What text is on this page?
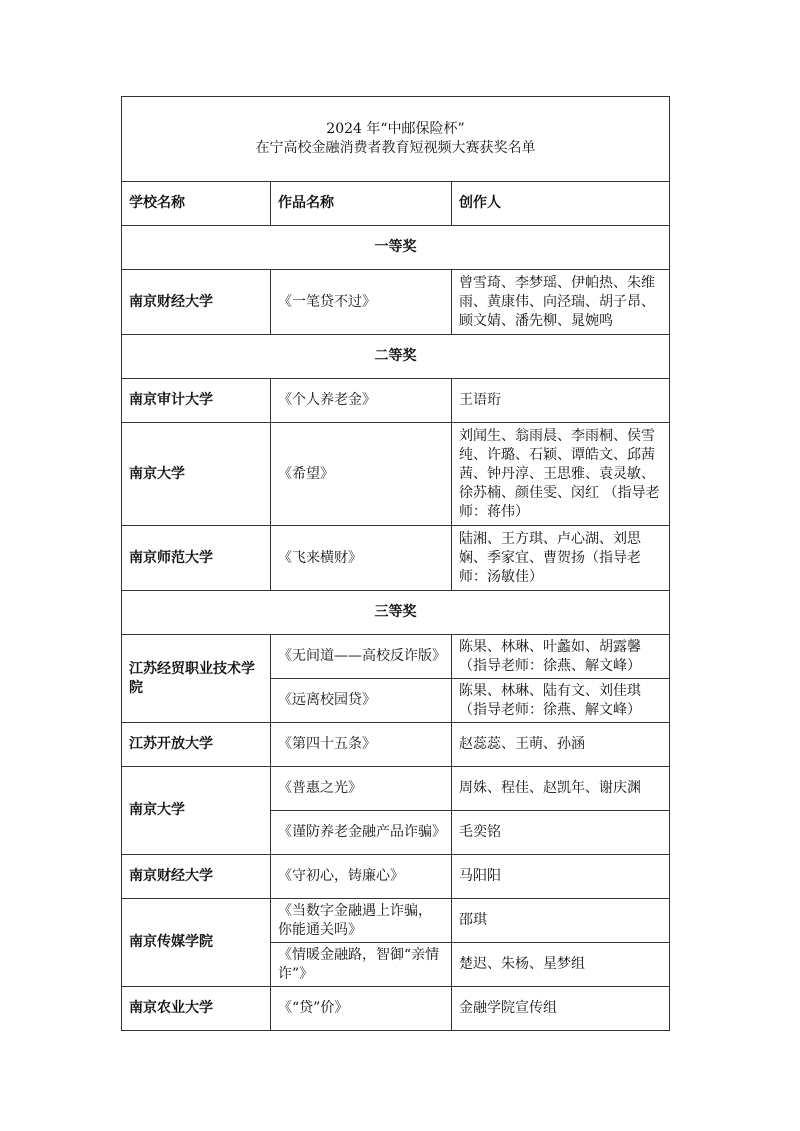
2024 年“中邮保险杯”
在宁高校金融消费者教育短视频大赛获奖名单		

学校名称	作品名称	创作人
一等奖		
南京财经大学	《一笔贷不过》	曾雪琦、李梦瑶、伊帕热、朱维雨、黄康伟、向泾瑞、胡子昂、顾文婧、潘先柳、晁婉鸣
二等奖		
南京审计大学	《个人养老金》	王语珩
南京大学	《希望》	刘闻生、翁雨晨、李雨桐、侯雪纯、许璐、石颖、谭皓文、邱茜茜、钟丹淳、王思雅、袁灵敏、徐苏楠、颜佳雯、闵红 （指导老师：蒋伟）
南京师范大学	《飞来横财》	陆湘、王方琪、卢心湖、刘思娴、季家宜、曹贺扬（指导老师：汤敏佳）
三等奖		
江苏经贸职业技术学院	《无间道——高校反诈版》	陈果、林琳、叶蠡如、胡露馨（指导老师：徐燕、解文峰）
	《远离校园贷》	陈果、林琳、陆有文、刘佳琪（指导老师：徐燕、解文峰）
江苏开放大学	《第四十五条》	赵蕊蕊、王萌、孙涵
南京大学	《普惠之光》	周姝、程佳、赵凯年、谢庆渊
	《谨防养老金融产品诈骗》	毛奕铭
南京财经大学	《守初心，铸廉心》	马阳阳
南京传媒学院	《当数字金融遇上诈骗，你能通关吗》	邵琪
	《情暖金融路，智御“亲情诈”》	楚迟、朱杨、星梦组
南京农业大学	《“贷”价》	金融学院宣传组
